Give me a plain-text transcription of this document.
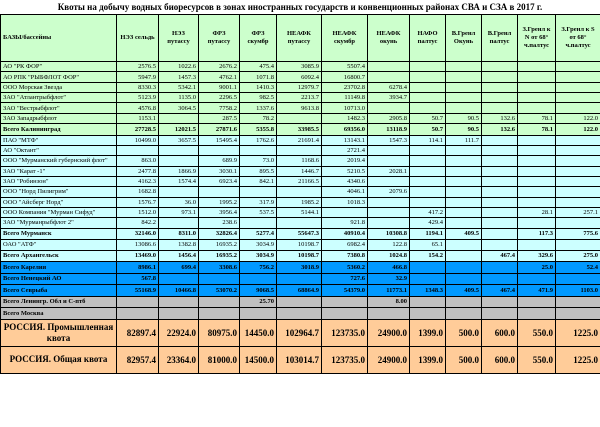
Квоты на добычу водных биоресурсов в зонах иностранных государств и конвенционных районах СВА и СЗА в 2017 г.
БАЗЫ/бассейны	НЭЗ сельдь	НЭЗ путассу	ФРЗ путассу	ФРЗ скумбр	НЕАФК путассу	НЕАФК скумбр	НЕАФК окунь	НАФО палтус	В.Гренл Окунь	В.Гренл палтус	З.Гренл к N от 68° ч.палтус	З.Гренл к S от 68° ч.палтус
АО "РК ФОР"	2576.5	1022.6	2676.2	475.4	3085.9	5507.4						
АО РПК "РЫБФЛОТ ФОР"	5947.9	1457.3	4762.1	1071.8	6092.4	16800.7						
ООО Морская Звезда	8330.3	5342.1	9001.1	1410.3	12979.7	23702.8	6278.4					
ЗАО "Атлантрыбфлот"	5123.9	1135.0	2296.5	982.5	2213.7	11149.8	3934.7					
ЗАО "Вестрыбфлот"	4576.8	3064.5	7758.2	1337.6	9613.8	10713.0						
ЗАО Западрыбфлот	1153.1		287.5	78.2		1482.3	2905.8	50.7	90.5	132.6	78.1	122.0
Всего Калининград	27728.5	12021.5	27871.6	5355.8	33985.5	69356.0	13118.9	50.7	90.5	132.6	78.1	122.0
ПАО "МТФ"	10499.0	3657.5	15495.4	1762.6	21691.4	13143.1	1547.3	114.1	111.7			
АО "Октант"						2721.4						
ООО "Мурманский губернский флот"	863.0		689.9	73.0	1168.6	2019.4						
ЗАО "Карат -1"	2477.8	1866.9	3030.1	895.5	1446.7	5210.5	2028.1					
ЗАО "Робинзон"	4162.3	1574.4	6923.4	842.1	21166.5	4340.6						
ООО "Норд Пилигрим"	1682.8					4046.1	2079.6					
ООО "Айсберг Норд"	1576.7	36.0	1995.2	317.9	1985.2	1018.3						
ООО Компания "Мурман Сифуд"	1512.0	973.1	3956.4	537.5	5144.1			417.2			28.1	257.1
ЗАО "Мурманрыбфлот 2"	842.2		238.6			921.8		429.4				
Всего Мурманск	32146.0	8311.0	32826.4	5277.4	55647.3	40910.4	10308.8	1194.1	409.5		117.3	775.6
ОАО "АТФ"	13086.6	1382.8	16935.2	3034.9	10198.7	6982.4	122.8	65.1				
Всего Архангельск	13469.0	1456.4	16935.2	3034.9	10198.7	7380.8	1024.8	154.2		467.4	329.6	275.0
Всего Карелия	8986.1	699.4	3308.6	756.2	3018.9	5360.2	466.8				25.0	52.4
Всего Ненецкий АО	567.8					727.6	32.9					
Всего Севрыба	55168.9	10466.8	53070.2	9068.5	68864.9	54379.0	11773.1	1348.3	409.5	467.4	471.9	1103.0
Всего Ленингр. Обл и С-птб				25.70			8.00					
Всего Москва												
РОССИЯ. Промышленная квота	82897.4	22924.0	80975.0	14450.0	102964.7	123735.0	24900.0	1399.0	500.0	600.0	550.0	1225.0
РОССИЯ. Общая квота	82957.4	23364.0	81000.0	14500.0	103014.7	123735.0	24900.0	1399.0	500.0	600.0	550.0	1225.0
